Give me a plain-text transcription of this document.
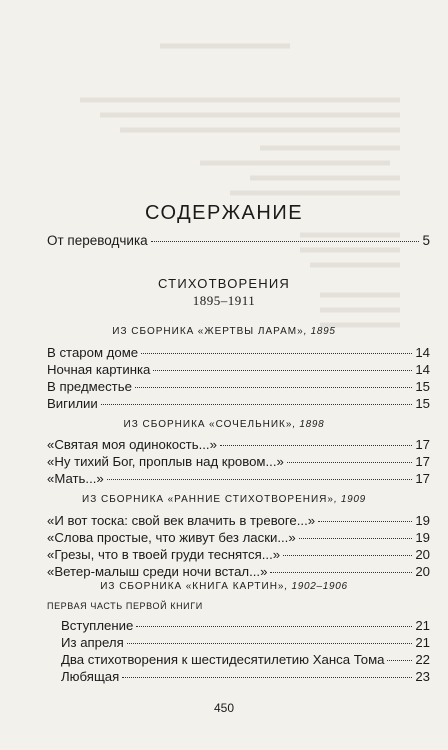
СОДЕРЖАНИЕ
От переводчика	5
СТИХОТВОРЕНИЯ
1895–1911
ИЗ СБОРНИКА «ЖЕРТВЫ ЛАРАМ», 1895
В старом доме	14
Ночная картинка	14
В предместье	15
Вигилии	15
ИЗ СБОРНИКА «СОЧЕЛЬНИК», 1898
«Святая моя одинокость...»	17
«Ну тихий Бог, проплыв над кровом...»	17
«Мать...»	17
ИЗ СБОРНИКА «РАННИЕ СТИХОТВОРЕНИЯ», 1909
«И вот тоска: свой век влачить в тревоге...»	19
«Слова простые, что живут без ласки...»	19
«Грезы, что в твоей груди теснятся...»	20
«Ветер-малыш среди ночи встал...»	20
ИЗ СБОРНИКА «КНИГА КАРТИН», 1902–1906
ПЕРВАЯ ЧАСТЬ ПЕРВОЙ КНИГИ
Вступление	21
Из апреля	21
Два стихотворения к шестидесятилетию Ханса Тома 22
Любящая	23
450
